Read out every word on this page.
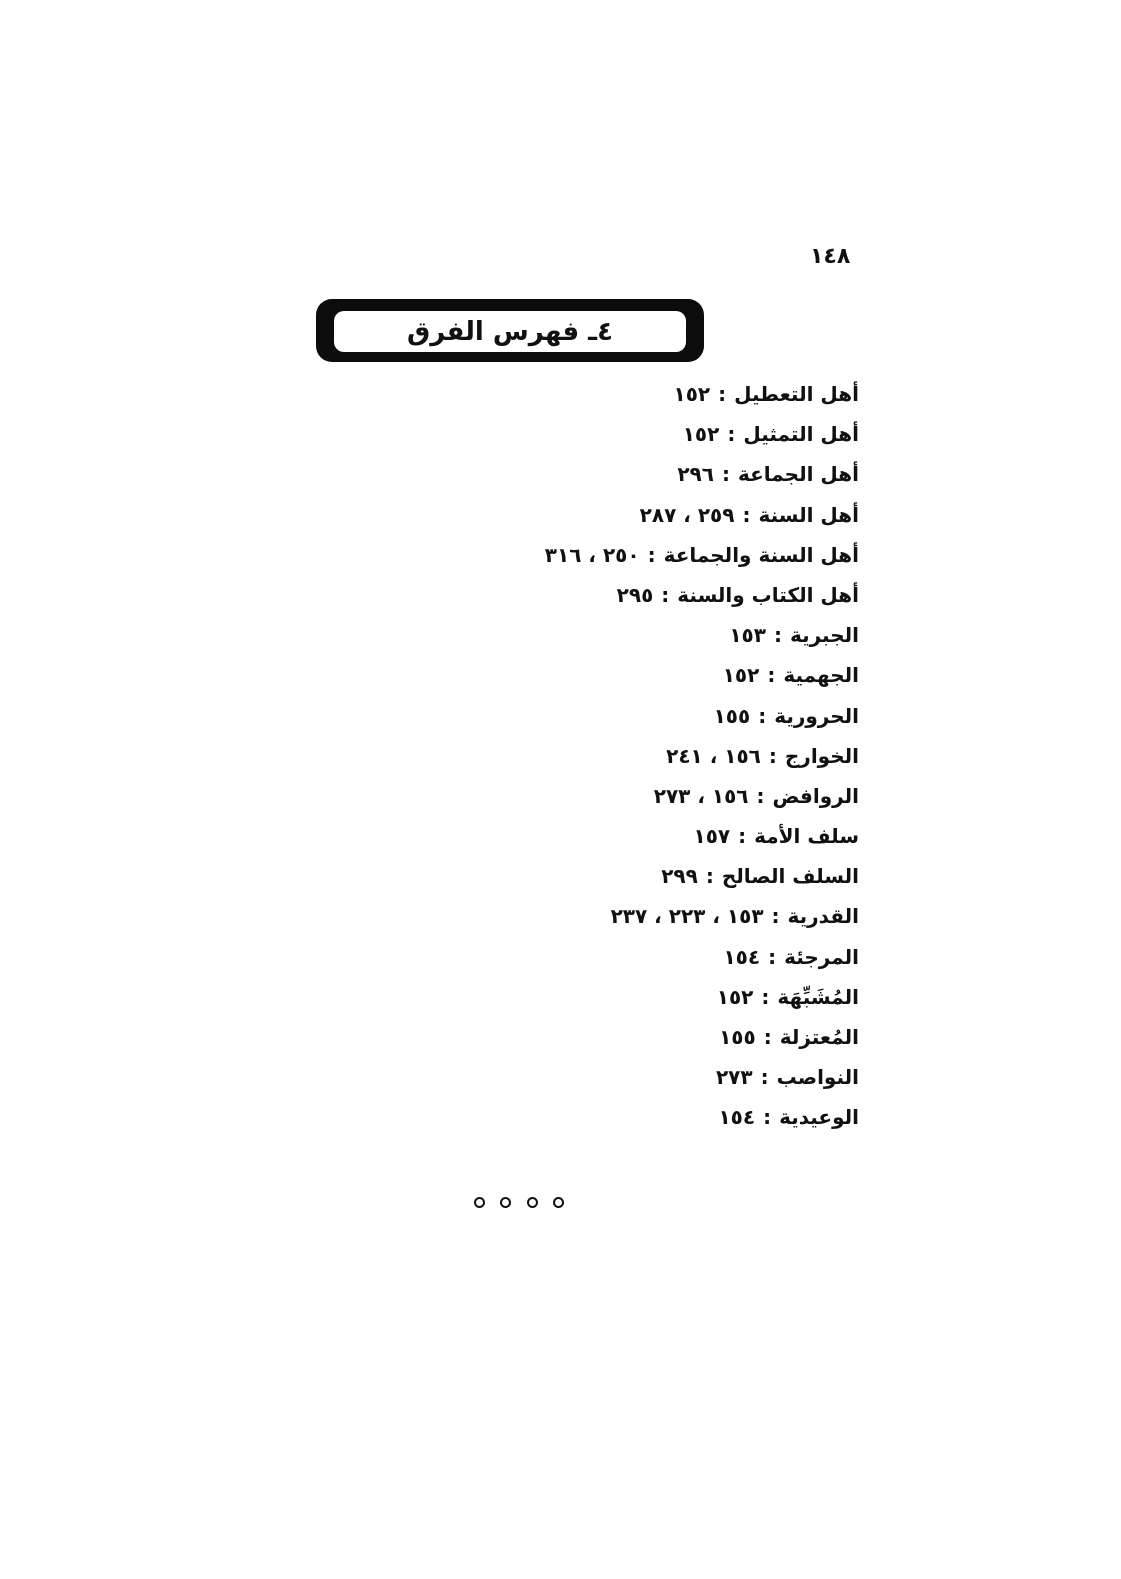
١٤٨
٤ـ فهرس الفرق
أهل التعطيل:١٥٢
أهل التمثيل:١٥٢
أهل الجماعة:٢٩٦
أهل السنة:٢٥٩ ، ٢٨٧
أهل السنة والجماعة:٢٥٠ ، ٣١٦
أهل الكتاب والسنة:٢٩٥
الجبرية:١٥٣
الجهمية:١٥٢
الحرورية:١٥٥
الخوارج:١٥٦ ، ٢٤١
الروافض:١٥٦ ، ٢٧٣
سلف الأمة:١٥٧
السلف الصالح:٢٩٩
القدرية:١٥٣ ، ٢٢٣ ، ٢٣٧
المرجئة:١٥٤
المُشَبِّهَة:١٥٢
المُعتزلة:١٥٥
النواصب:٢٧٣
الوعيدية:١٥٤
